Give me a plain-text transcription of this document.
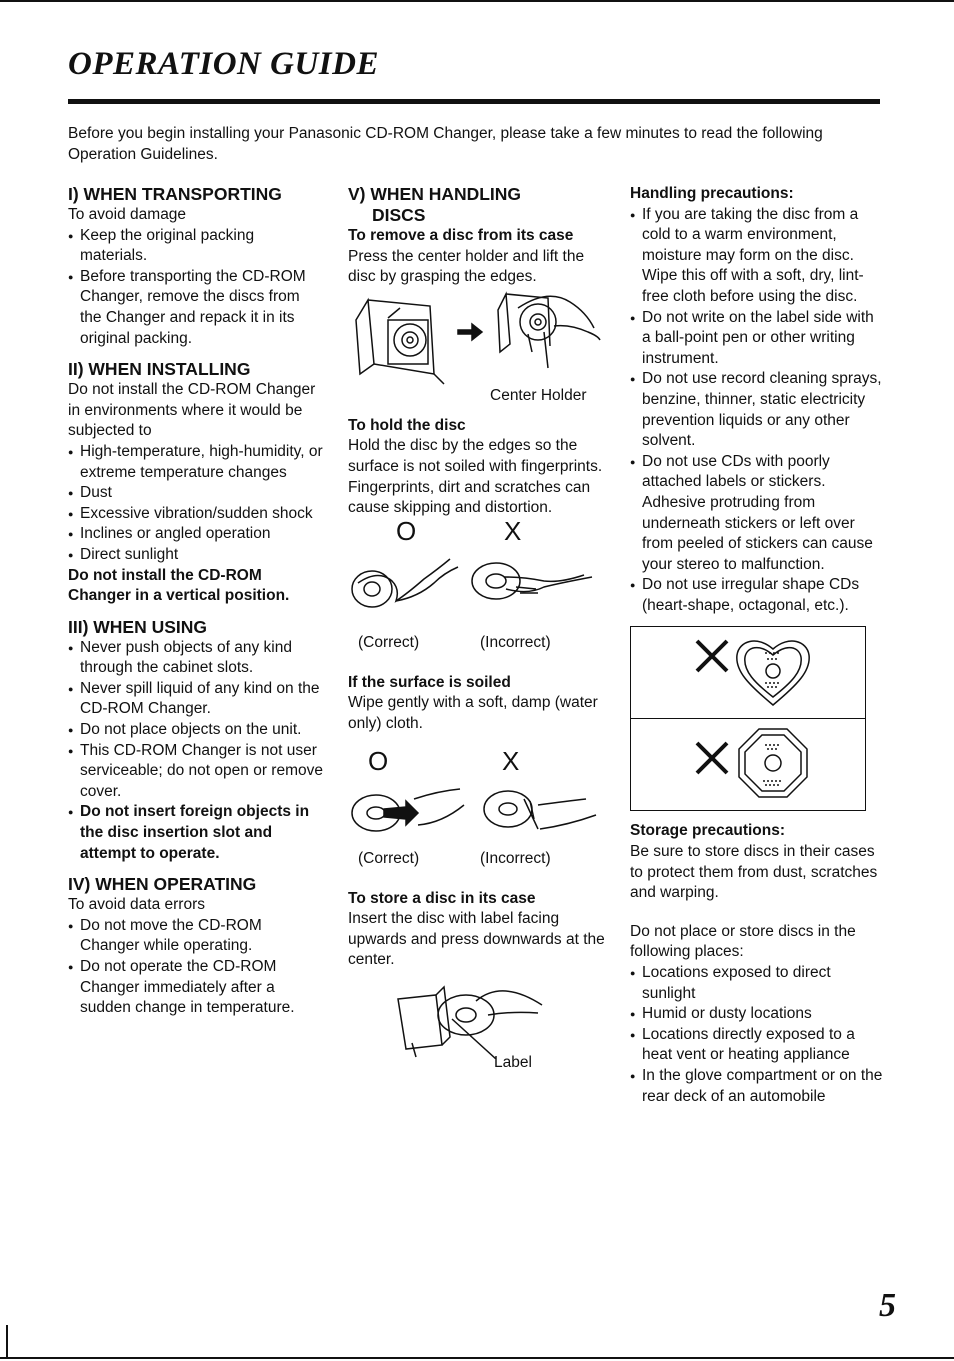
OPERATION GUIDE

Before you begin installing your Panasonic CD-ROM Changer, please take a few minutes to read the following Operation Guidelines.

I) WHEN TRANSPORTING

To avoid damage

● Keep the original packing materials.
● Before transporting the CD-ROM Changer, remove the discs from the Changer and repack it in its original packing.
II) WHEN INSTALLING

Do not install the CD-ROM Changer in environments where it would be subjected to

● High-temperature, high-humidity, or extreme temperature changes
● Dust
● Excessive vibration/sudden shock
● Inclines or angled operation
● Direct sunlight

Do not install the CD-ROM Changer in a vertical position.

III) WHEN USING
● Never push objects of any kind through the cabinet slots.
● Never spill liquid of any kind on the CD-ROM Changer.
● Do not place objects on the unit.
● This CD-ROM Changer is not user serviceable; do not open or remove cover.
● Do not insert foreign objects in the disc insertion slot and attempt to operate.
IV) WHEN OPERATING

To avoid data errors

● Do not move the CD-ROM Changer while operating.
● Do not operate the CD-ROM Changer immediately after a sudden change in temperature.
V) WHEN HANDLING
DISCS
To remove a disc from its case

Press the center holder and lift the disc by grasping the edges.

Center Holder
To hold the disc

Hold the disc by the edges so the surface is not soiled with fingerprints.

Fingerprints, dirt and scratches can cause skipping and distortion.

O	X
(Correct)	(Incorrect)
If the surface is soiled

Wipe gently with a soft, damp (water only) cloth.

O	X
(Correct)	(Incorrect)
To store a disc in its case

Insert the disc with label facing upwards and press downwards at the center.

Label
Handling precautions:
● If you are taking the disc from a cold to a warm environment, moisture may form on the disc. Wipe this off with a soft, dry, lint-free cloth before using the disc.
● Do not write on the label side with a ball-point pen or other writing instrument.
● Do not use record cleaning sprays, benzine, thinner, static electricity prevention liquids or any other solvent.
● Do not use CDs with poorly attached labels or stickers. Adhesive protruding from underneath stickers or left over from peeled of stickers can cause your stereo to malfunction.
● Do not use irregular shape CDs (heart-shape, octagonal, etc.).
Storage precautions:

Be sure to store discs in their cases to protect them from dust, scratches and warping.

Do not place or store discs in the following places:

● Locations exposed to direct sunlight
● Humid or dusty locations
● Locations directly exposed to a heat vent or heating appliance
● In the glove compartment or on the rear deck of an automobile
5
